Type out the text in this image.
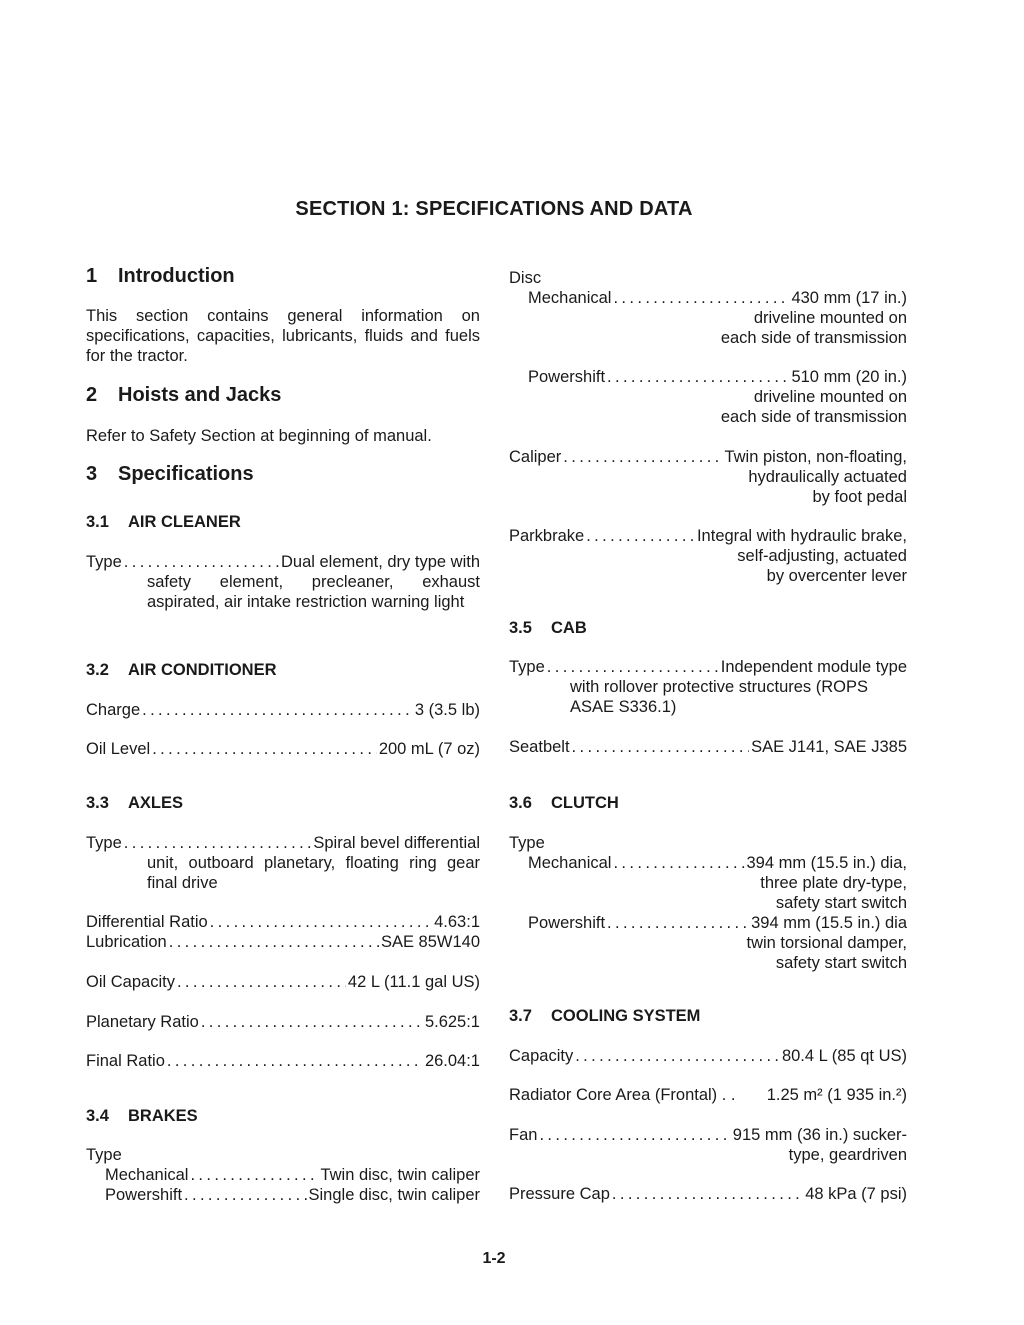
SECTION 1: SPECIFICATIONS AND DATA
1 Introduction
This section contains general information on specifications, capacities, lubricants, fluids and fuels for the tractor.
2 Hoists and Jacks
Refer to Safety Section at beginning of manual.
3 Specifications
3.1 AIR CLEANER
Type . . .	Dual element, dry type with
safety element, precleaner, exhaust aspirated, air intake restriction warning light
3.2 AIR CONDITIONER
Charge . . .	3 (3.5 lb)
Oil Level . . .	200 mL (7 oz)
3.3 AXLES
Type . . .	Spiral bevel differential
unit, outboard planetary, floating ring gear final drive
Differential Ratio . . .	4.63:1
Lubrication . . .	SAE 85W140
Oil Capacity . . .	42 L (11.1 gal US)
Planetary Ratio . . .	5.625:1
Final Ratio . . .	26.04:1
3.4 BRAKES
Type
Mechanical . . .	Twin disc, twin caliper
Powershift . . .	Single disc, twin caliper
Disc
Mechanical . . .	430 mm (17 in.)
driveline mounted on
each side of transmission
Powershift . . .	510 mm (20 in.)
driveline mounted on
each side of transmission
Caliper . . .	Twin piston, non-floating,
hydraulically actuated
by foot pedal
Parkbrake . . .	Integral with hydraulic brake,
self-adjusting, actuated
by overcenter lever
3.5 CAB
Type . . .	Independent module type
with rollover protective structures (ROPS
ASAE S336.1)
Seatbelt . . .	SAE J141, SAE J385
3.6 CLUTCH
Type
Mechanical . . .	394 mm (15.5 in.) dia,
three plate dry-type,
safety start switch
Powershift . . .	394 mm (15.5 in.) dia
twin torsional damper,
safety start switch
3.7 COOLING SYSTEM
Capacity . . .	80.4 L (85 qt US)
Radiator Core Area (Frontal) . . 1.25 m² (1 935 in.²)
Fan . . .	915 mm (36 in.) sucker-
type, geardriven
Pressure Cap . . .	48 kPa (7 psi)
1-2
